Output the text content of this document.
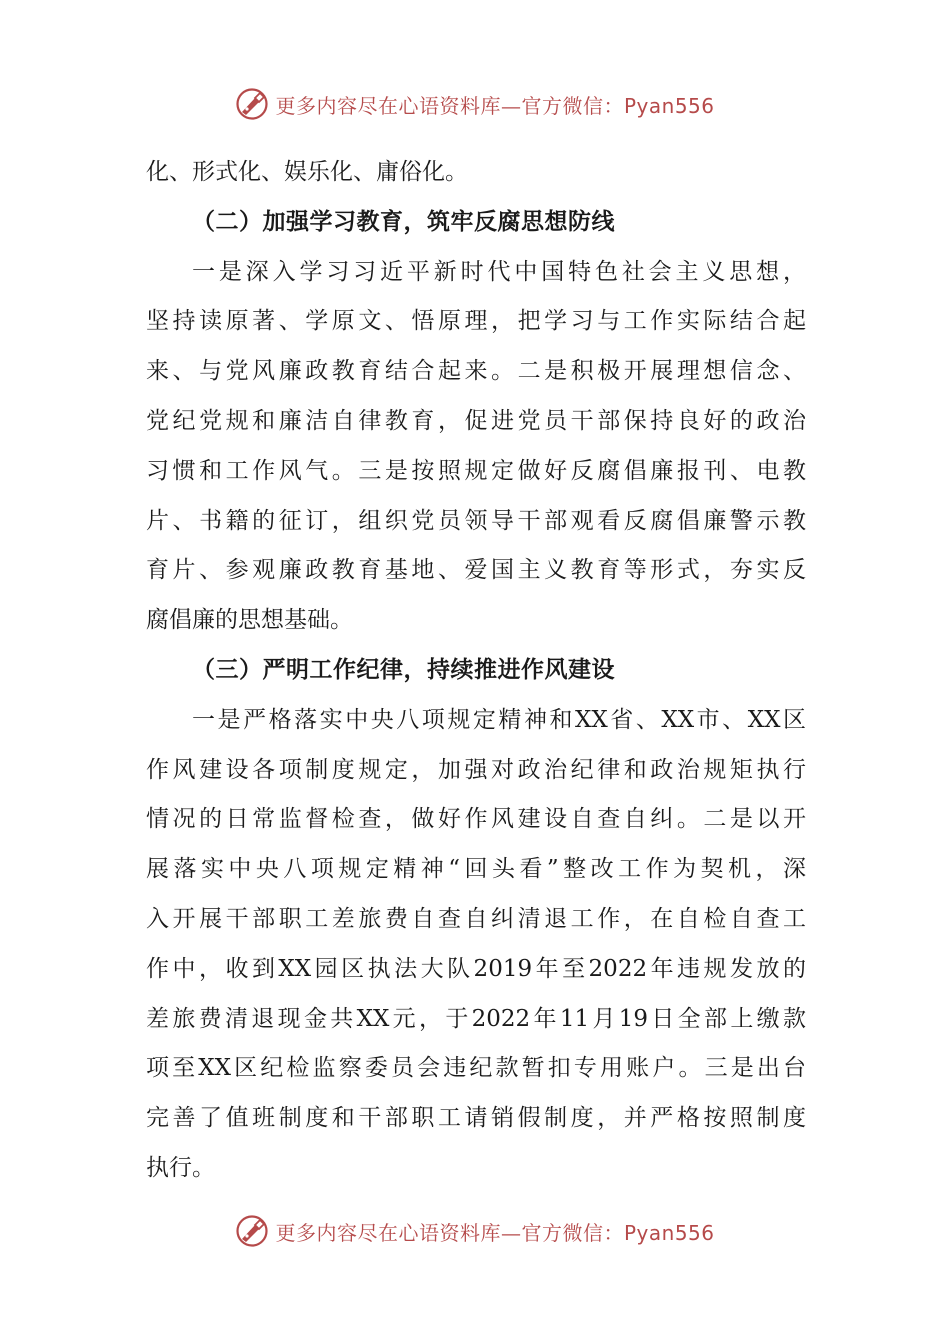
更多内容尽在心语资料库—官方微信：Pyan556
化、形式化、娱乐化、庸俗化。
（二）加强学习教育，筑牢反腐思想防线
一是深入学习习近平新时代中国特色社会主义思想，
坚持读原著、学原文、悟原理，把学习与工作实际结合起
来、与党风廉政教育结合起来。二是积极开展理想信念、
党纪党规和廉洁自律教育，促进党员干部保持良好的政治
习惯和工作风气。三是按照规定做好反腐倡廉报刊、电教
片、书籍的征订，组织党员领导干部观看反腐倡廉警示教
育片、参观廉政教育基地、爱国主义教育等形式，夯实反
腐倡廉的思想基础。
（三）严明工作纪律，持续推进作风建设
一是严格落实中央八项规定精神和XX省、XX市、XX区
作风建设各项制度规定，加强对政治纪律和政治规矩执行
情况的日常监督检查，做好作风建设自查自纠。二是以开
展落实中央八项规定精神“回头看”整改工作为契机，深
入开展干部职工差旅费自查自纠清退工作，在自检自查工
作中，收到XX园区执法大队2019年至2022年违规发放的
差旅费清退现金共XX元，于2022年11月19日全部上缴款
项至XX区纪检监察委员会违纪款暂扣专用账户。三是出台
完善了值班制度和干部职工请销假制度，并严格按照制度
执行。
更多内容尽在心语资料库—官方微信：Pyan556
